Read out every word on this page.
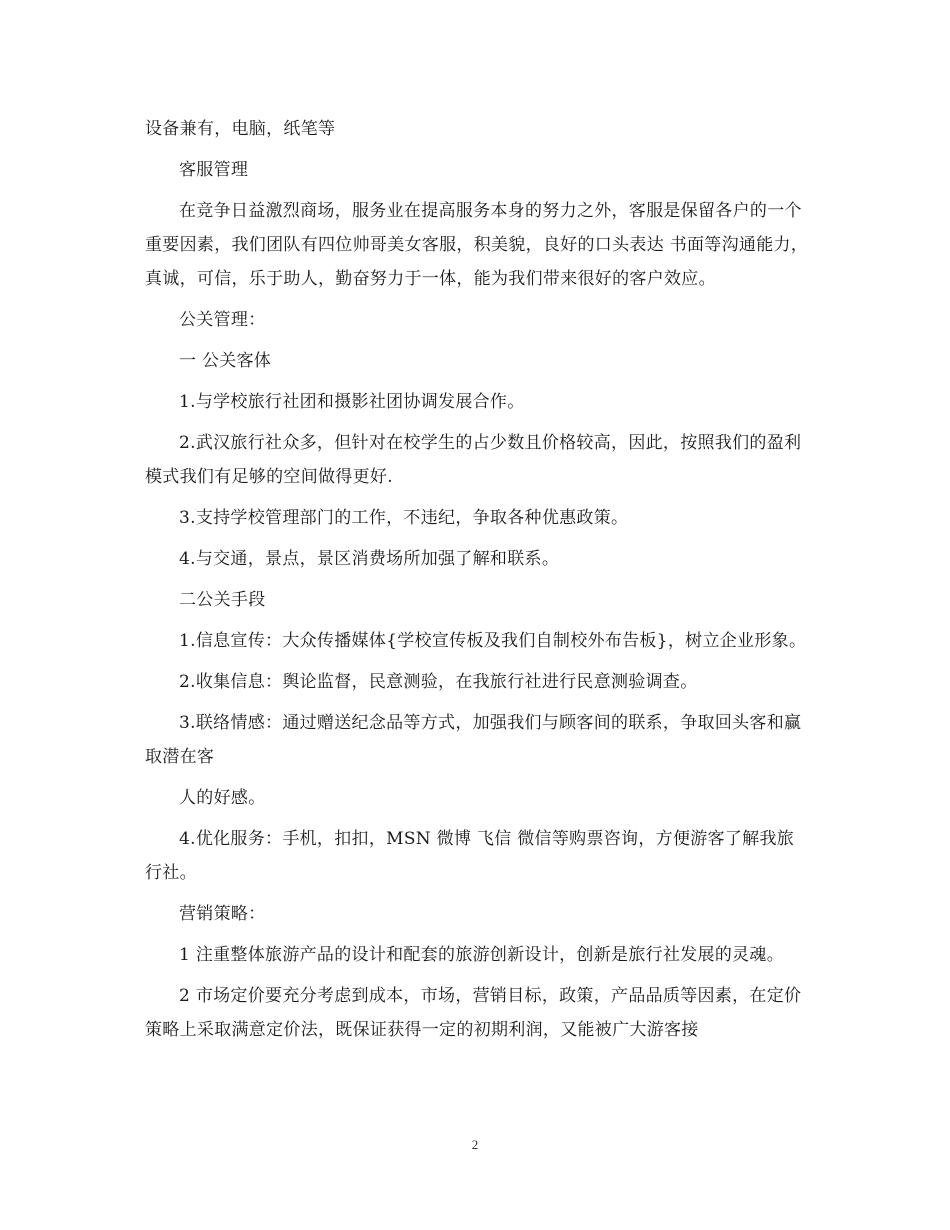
设备兼有，电脑，纸笔等

客服管理

在竞争日益激烈商场，服务业在提高服务本身的努力之外，客服是保留各户的一个重要因素，我们团队有四位帅哥美女客服，积美貌，良好的口头表达 书面等沟通能力，真诚，可信，乐于助人，勤奋努力于一体，能为我们带来很好的客户效应。

公关管理：

一 公关客体

1.与学校旅行社团和摄影社团协调发展合作。

2.武汉旅行社众多，但针对在校学生的占少数且价格较高，因此，按照我们的盈利模式我们有足够的空间做得更好.

3.支持学校管理部门的工作，不违纪，争取各种优惠政策。

4.与交通，景点，景区消费场所加强了解和联系。

二公关手段

1.信息宣传：大众传播媒体{学校宣传板及我们自制校外布告板}，树立企业形象。

2.收集信息：舆论监督，民意测验，在我旅行社进行民意测验调查。

3.联络情感：通过赠送纪念品等方式，加强我们与顾客间的联系，争取回头客和赢取潜在客

人的好感。

4.优化服务：手机，扣扣，MSN 微博 飞信 微信等购票咨询，方便游客了解我旅行社。

营销策略：

1 注重整体旅游产品的设计和配套的旅游创新设计，创新是旅行社发展的灵魂。

2 市场定价要充分考虑到成本，市场，营销目标，政策，产品品质等因素，在定价策略上采取满意定价法，既保证获得一定的初期利润，又能被广大游客接

2
